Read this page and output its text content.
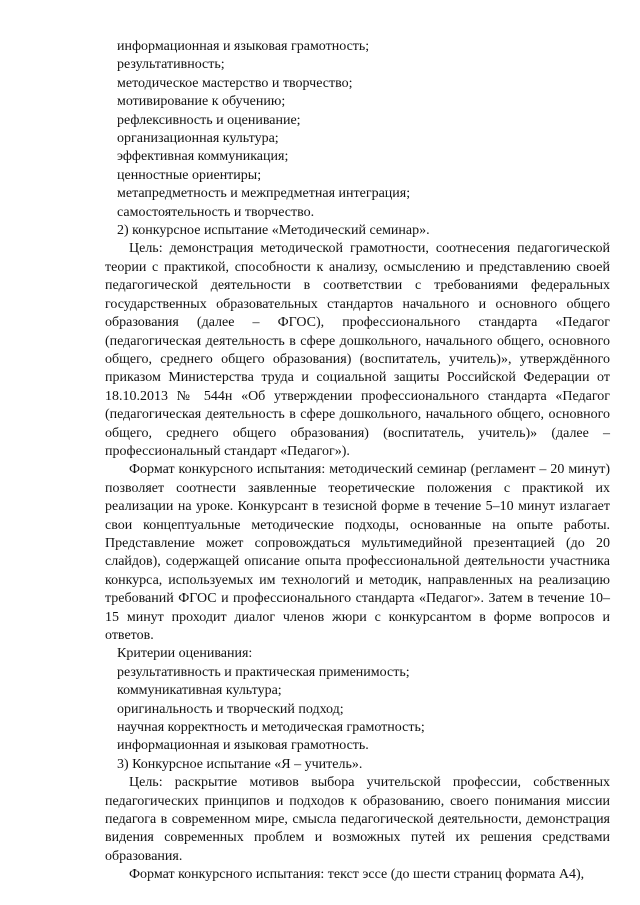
информационная и языковая грамотность;

результативность;

методическое мастерство и творчество;

мотивирование к обучению;

рефлексивность и оценивание;

организационная культура;

эффективная коммуникация;

ценностные ориентиры;

метапредметность и межпредметная интеграция;

самостоятельность и творчество.

2) конкурсное испытание «Методический семинар».

Цель: демонстрация методической грамотности, соотнесения педагогической теории с практикой, способности к анализу, осмыслению и представлению своей педагогической деятельности в соответствии с требованиями федеральных государственных образовательных стандартов начального и основного общего образования (далее – ФГОС), профессионального стандарта «Педагог (педагогическая деятельность в сфере дошкольного, начального общего, основного общего, среднего общего образования) (воспитатель, учитель)», утверждённого приказом Министерства труда и социальной защиты Российской Федерации от 18.10.2013 № 544н «Об утверждении профессионального стандарта «Педагог (педагогическая деятельность в сфере дошкольного, начального общего, основного общего, среднего общего образования) (воспитатель, учитель)» (далее – профессиональный стандарт «Педагог»).

Формат конкурсного испытания: методический семинар (регламент – 20 минут) позволяет соотнести заявленные теоретические положения с практикой их реализации на уроке. Конкурсант в тезисной форме в течение 5–10 минут излагает свои концептуальные методические подходы, основанные на опыте работы. Представление может сопровождаться мультимедийной презентацией (до 20 слайдов), содержащей описание опыта профессиональной деятельности участника конкурса, используемых им технологий и методик, направленных на реализацию требований ФГОС и профессионального стандарта «Педагог». Затем в течение 10–15 минут проходит диалог членов жюри с конкурсантом в форме вопросов и ответов.

Критерии оценивания:

результативность и практическая применимость;

коммуникативная культура;

оригинальность и творческий подход;

научная корректность и методическая грамотность;

информационная и языковая грамотность.

3) Конкурсное испытание «Я – учитель».

Цель: раскрытие мотивов выбора учительской профессии, собственных педагогических принципов и подходов к образованию, своего понимания миссии педагога в современном мире, смысла педагогической деятельности, демонстрация видения современных проблем и возможных путей их решения средствами образования.

Формат конкурсного испытания: текст эссе (до шести страниц формата А4),
